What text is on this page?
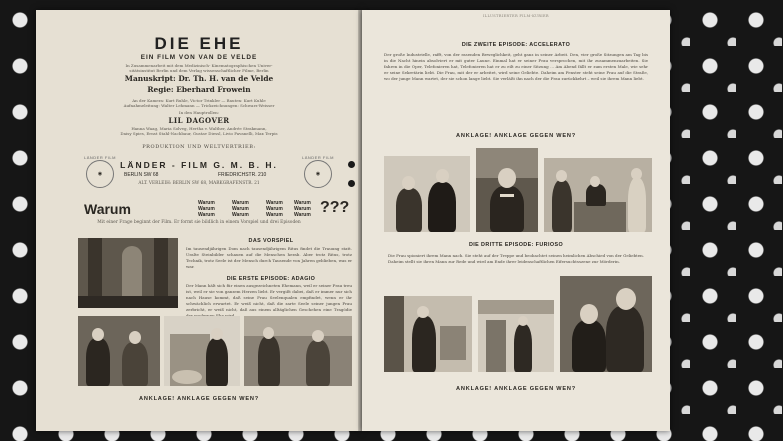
DIE EHE
EIN FILM VON VAN DE VELDE
In Zusammenarbeit mit dem Medizinisch- Kinematographischen Univer-
sitätsinstitut Berlin und dem Verlag wissenschaftlicher Filme, Berlin
Manuskript: Dr. Th. H. van de Velde
Regie: Eberhard Frowein
An der Kamera: Kurt Ruhle, Victor Trinkler — Bauten: Kurt Kuhle
Aufnahmeleitung: Walter Lehmann — Trickzeichnungen: Schwarz-Weisser
In den Hauptrollen:
LIL DAGOVER
Hanna Waag, Maria Solveg, Hertha v. Walther, Andrée Strakmann,
Daisy Spies, Ernst Stahl-Nachbaur, Gustav Diessl, Livio Pavanelli, Max Terpis
PRODUKTION UND WELTVERTRIEB:
◉
LÄNDER FILM
◉
LÄNDER FILM
LÄNDER - FILM G. M. B. H.
BERLIN SW 68	FRIEDRICHSTR. 210
ALT. VERLEIH: BERLIN SW 68, MARKGRAFENSTR. 21
Warum	Warum
Warum
Warum
Warum
Warum
Warum
Warum
Warum
Warum
Warum
Warum
Warum ???
Mit einer Frage beginnt der Film. Er formt sie bildlich in einem Vorspiel und drei Episoden
DAS VORSPIEL
Im tausendjährigen Dom nach tausendjährigem Ritus findet die Trauung statt. Uralte Steinbilder schauen auf die Menschen herab. Aber trotz Ritus, trotz Technik, trotz Seele ist der Mensch durch Tausende von Jahren geblieben, was er war.
DIE ERSTE EPISODE: ADAGIO
Der Mann hält sich für einen ausgezeichneten Ehemann, weil er seiner Frau treu ist, weil er sie von ganzem Herzen liebt. Er vergißt dabei, daß er immer nur sich nach Hause kommt, daß seine Frau Seelenqualen empfindet, wenn er ihr schwächlich erwartet. Er weiß nicht, daß die zarte Seele seiner jungen Frau zerbricht, er weiß nicht, daß aus einem alltäglichen Geschehen eine Tragödie
ANKLAGE! ANKLAGE GEGEN WEN?
ILLUSTRIERTER FILM-KURIER
DIE ZWEITE EPISODE: ACCELERATO
Der große Industrielle, rafft, von der rasenden Beweglichkeit, geht ganz in seiner Arbeit. Den, vier große Sitzungen am Tag bis in die Nacht hinein absolviert er mit guter Laune. Einmal hat er seiner Frau versprochen, mit ihr zusammenzuarbeiten. Sie fahren in die Oper, Telefonieren hat, Telefonieren hat er zu eilt zu einer Sitzung ... Am Abend fällt er zum ersten Male, wie sehr er seine Sekretärin liebt. Die Frau, mit der er arbeitet, wird seine Geliebte. Daheim am Fenster steht seine Frau auf die Straße, wo der junge Mann wartet, der sie schon lange liebt. Sie verläßt ihn nach der die Frau zurückkehrt – weil sie ihrem Mann liebt.
ANKLAGE! ANKLAGE GEGEN WEN?
DIE DRITTE EPISODE: FURIOSO
Die Frau spioniert ihrem Mann nach. Sie steht auf der Treppe und beobachtet seinen heimlichen Abschied von der Geliebten. Daheim stellt sie ihren Mann zur Rede und wird am Ende ihrer leidenschaftlichen Eifersuchtsszene zur Mörderin.
ANKLAGE! ANKLAGE GEGEN WEN?
